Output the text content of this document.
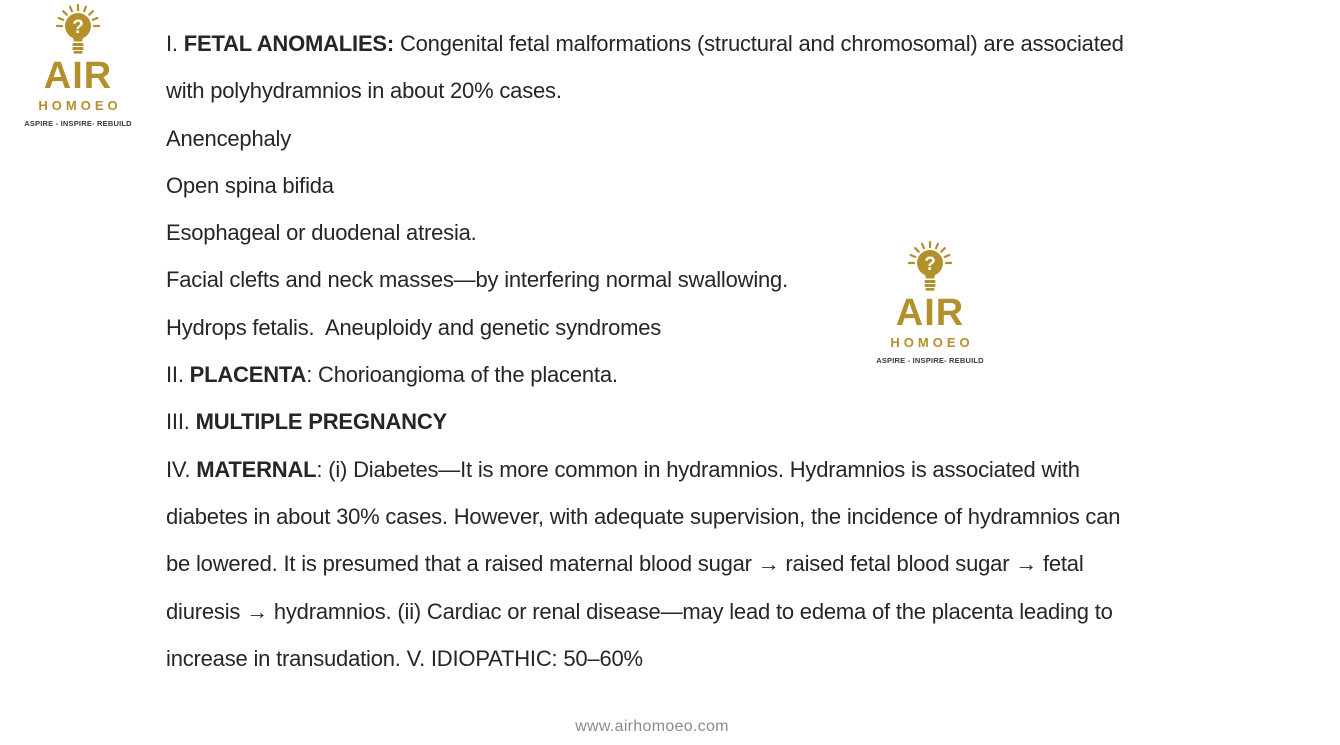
?
AIR
HOMOEO
ASPIRE - INSPIRE- REBUILD
I. FETAL ANOMALIES: Congenital fetal malformations (structural and chromosomal) are associated
with polyhydramnios in about 20% cases.
Anencephaly
Open spina bifida
Esophageal or duodenal atresia.
Facial clefts and neck masses—by interfering normal swallowing.
Hydrops fetalis.  Aneuploidy and genetic syndromes
II. PLACENTA: Chorioangioma of the placenta.
III. MULTIPLE PREGNANCY
IV. MATERNAL: (i) Diabetes—It is more common in hydramnios. Hydramnios is associated with
diabetes in about 30% cases. However, with adequate supervision, the incidence of hydramnios can
be lowered. It is presumed that a raised maternal blood sugar → raised fetal blood sugar → fetal
diuresis → hydramnios. (ii) Cardiac or renal disease—may lead to edema of the placenta leading to
increase in transudation. V. IDIOPATHIC: 50–60%
?
AIR
HOMOEO
ASPIRE - INSPIRE- REBUILD
www.airhomoeo.com
